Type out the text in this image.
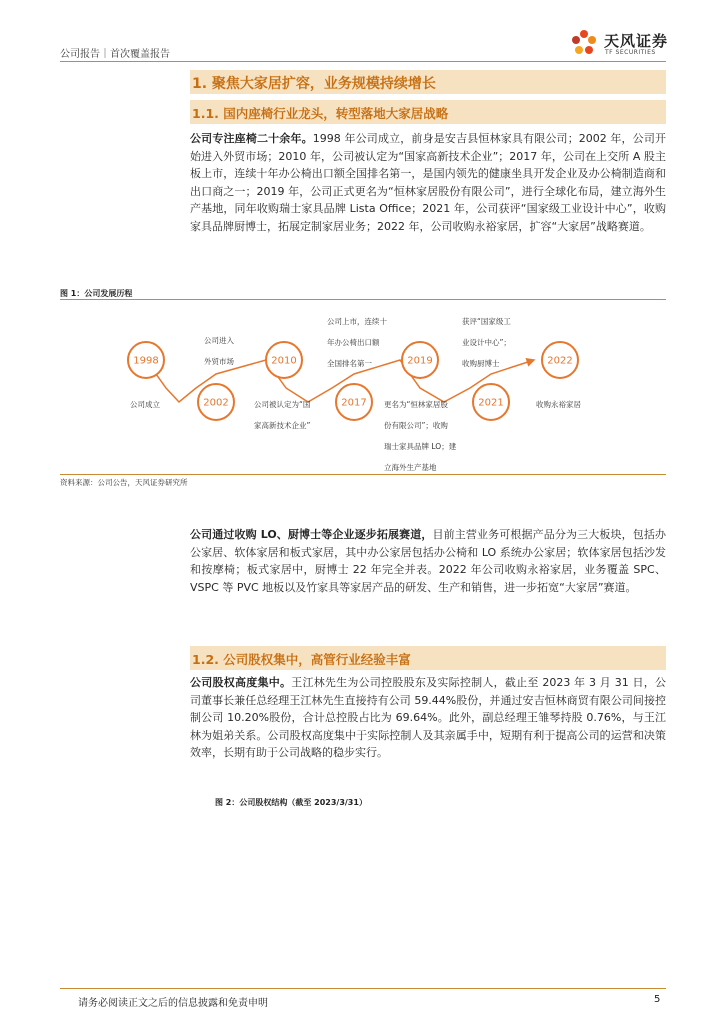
公司报告｜首次覆盖报告
天风证券
TF SECURITIES
1. 聚焦大家居扩容，业务规模持续增长
1.1. 国内座椅行业龙头，转型落地大家居战略
公司专注座椅二十余年。1998 年公司成立，前身是安吉县恒林家具有限公司；2002 年，公司开始进入外贸市场；2010 年，公司被认定为“国家高新技术企业”；2017 年，公司在上交所 A 股主板上市，连续十年办公椅出口额全国排名第一，是国内领先的健康坐具开发企业及办公椅制造商和出口商之一；2019 年，公司正式更名为“恒林家居股份有限公司”，进行全球化布局，建立海外生产基地，同年收购瑞士家具品牌 Lista Office；2021 年，公司获评“国家级工业设计中心”，收购家具品牌厨博士，拓展定制家居业务；2022 年，公司收购永裕家居，扩容“大家居”战略赛道。
图 1：公司发展历程
1998
2002
2010
2017
2019
2021
2022
公司成立	公司被认定为“国
家高新技术企业”
公司进入
外贸市场
更名为“恒林家居股
份有限公司”；收购
瑞士家具品牌 LO；建
立海外生产基地
公司上市，连续十
年办公椅出口额
全国排名第一
获评“国家级工
业设计中心”；
收购厨博士
收购永裕家居
资料来源：公司公告，天风证券研究所
公司通过收购 LO、厨博士等企业逐步拓展赛道，目前主营业务可根据产品分为三大板块，包括办公家居、软体家居和板式家居，其中办公家居包括办公椅和 LO 系统办公家居；软体家居包括沙发和按摩椅；板式家居中，厨博士 22 年完全并表。2022 年公司收购永裕家居，业务覆盖 SPC、VSPC 等 PVC 地板以及竹家具等家居产品的研发、生产和销售，进一步拓宽“大家居”赛道。
1.2. 公司股权集中，高管行业经验丰富
公司股权高度集中。王江林先生为公司控股股东及实际控制人，截止至 2023 年 3 月 31 日，公司董事长兼任总经理王江林先生直接持有公司 59.44%股份，并通过安吉恒林商贸有限公司间接控制公司 10.20%股份，合计总控股占比为 69.64%。此外，副总经理王雏琴持股 0.76%，与王江林为姐弟关系。公司股权高度集中于实际控制人及其亲属手中，短期有利于提高公司的运营和决策效率，长期有助于公司战略的稳步实行。
图 2：公司股权结构（截至 2023/3/31）
请务必阅读正文之后的信息披露和免责申明	5
